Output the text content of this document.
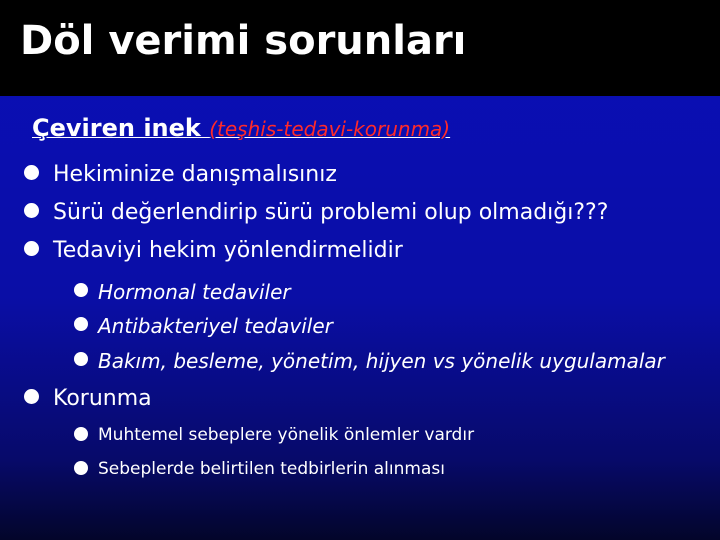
Döl verimi sorunları
Çeviren inek (teşhis-tedavi-korunma)
Hekiminize danışmalısınız
Sürü değerlendirip sürü problemi olup olmadığı???
Tedaviyi hekim yönlendirmelidir
Hormonal tedaviler
Antibakteriyel tedaviler
Bakım, besleme, yönetim, hijyen vs yönelik uygulamalar
Korunma
Muhtemel sebeplere yönelik önlemler vardır
Sebeplerde belirtilen tedbirlerin alınması
